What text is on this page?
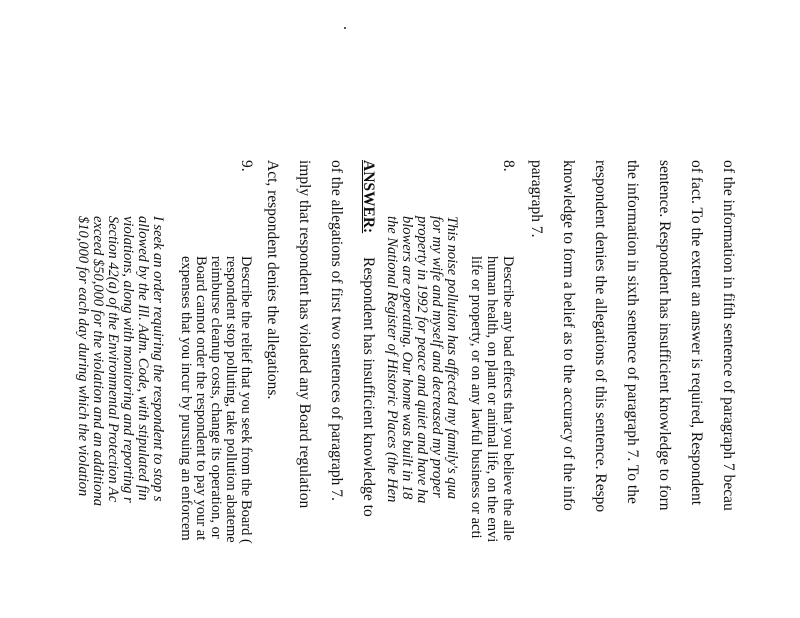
of the information in fifth sentence of paragraph 7 becau
of fact. To the extent an answer is required, Respondent
sentence. Respondent has insufficient knowledge to forn
the information in sixth sentence of paragraph 7. To the
respondent denies the allegations of this sentence. Respo
knowledge to form a belief as to the accuracy of the info
paragraph 7.
8.
Describe any bad effects that you believe the alle
human health, on plant or animal life, on the envi
life or property, or on any lawful business or acti
This noise pollution has affected my family's qua
for my wife and myself and decreased my proper
property in 1992 for peace and quiet and have ha
blowers are operating. Our home was built in 18
the National Register of Historic Places (the Hen
ANSWER:
Respondent has insufficient knowledge to
of the allegations of first two sentences of paragraph 7.
imply that respondent has violated any Board regulation
Act, respondent denies the allegations.
9.
Describe the relief that you seek from the Board (
respondent stop polluting, take pollution abateme
reimburse cleanup costs, change its operation, or
Board cannot order the respondent to pay your at
expenses that you incur by pursuing an enforcem
I seek an order requiring the respondent to stop s
allowed by the Ill. Adm. Code, with stipulated fin
violations, along with monitoring and reporting r
Section 42(a) of the Environmental Protection Ac
exceed $50,000 for the violation and an additiona
$10,000 for each day during which the violation
